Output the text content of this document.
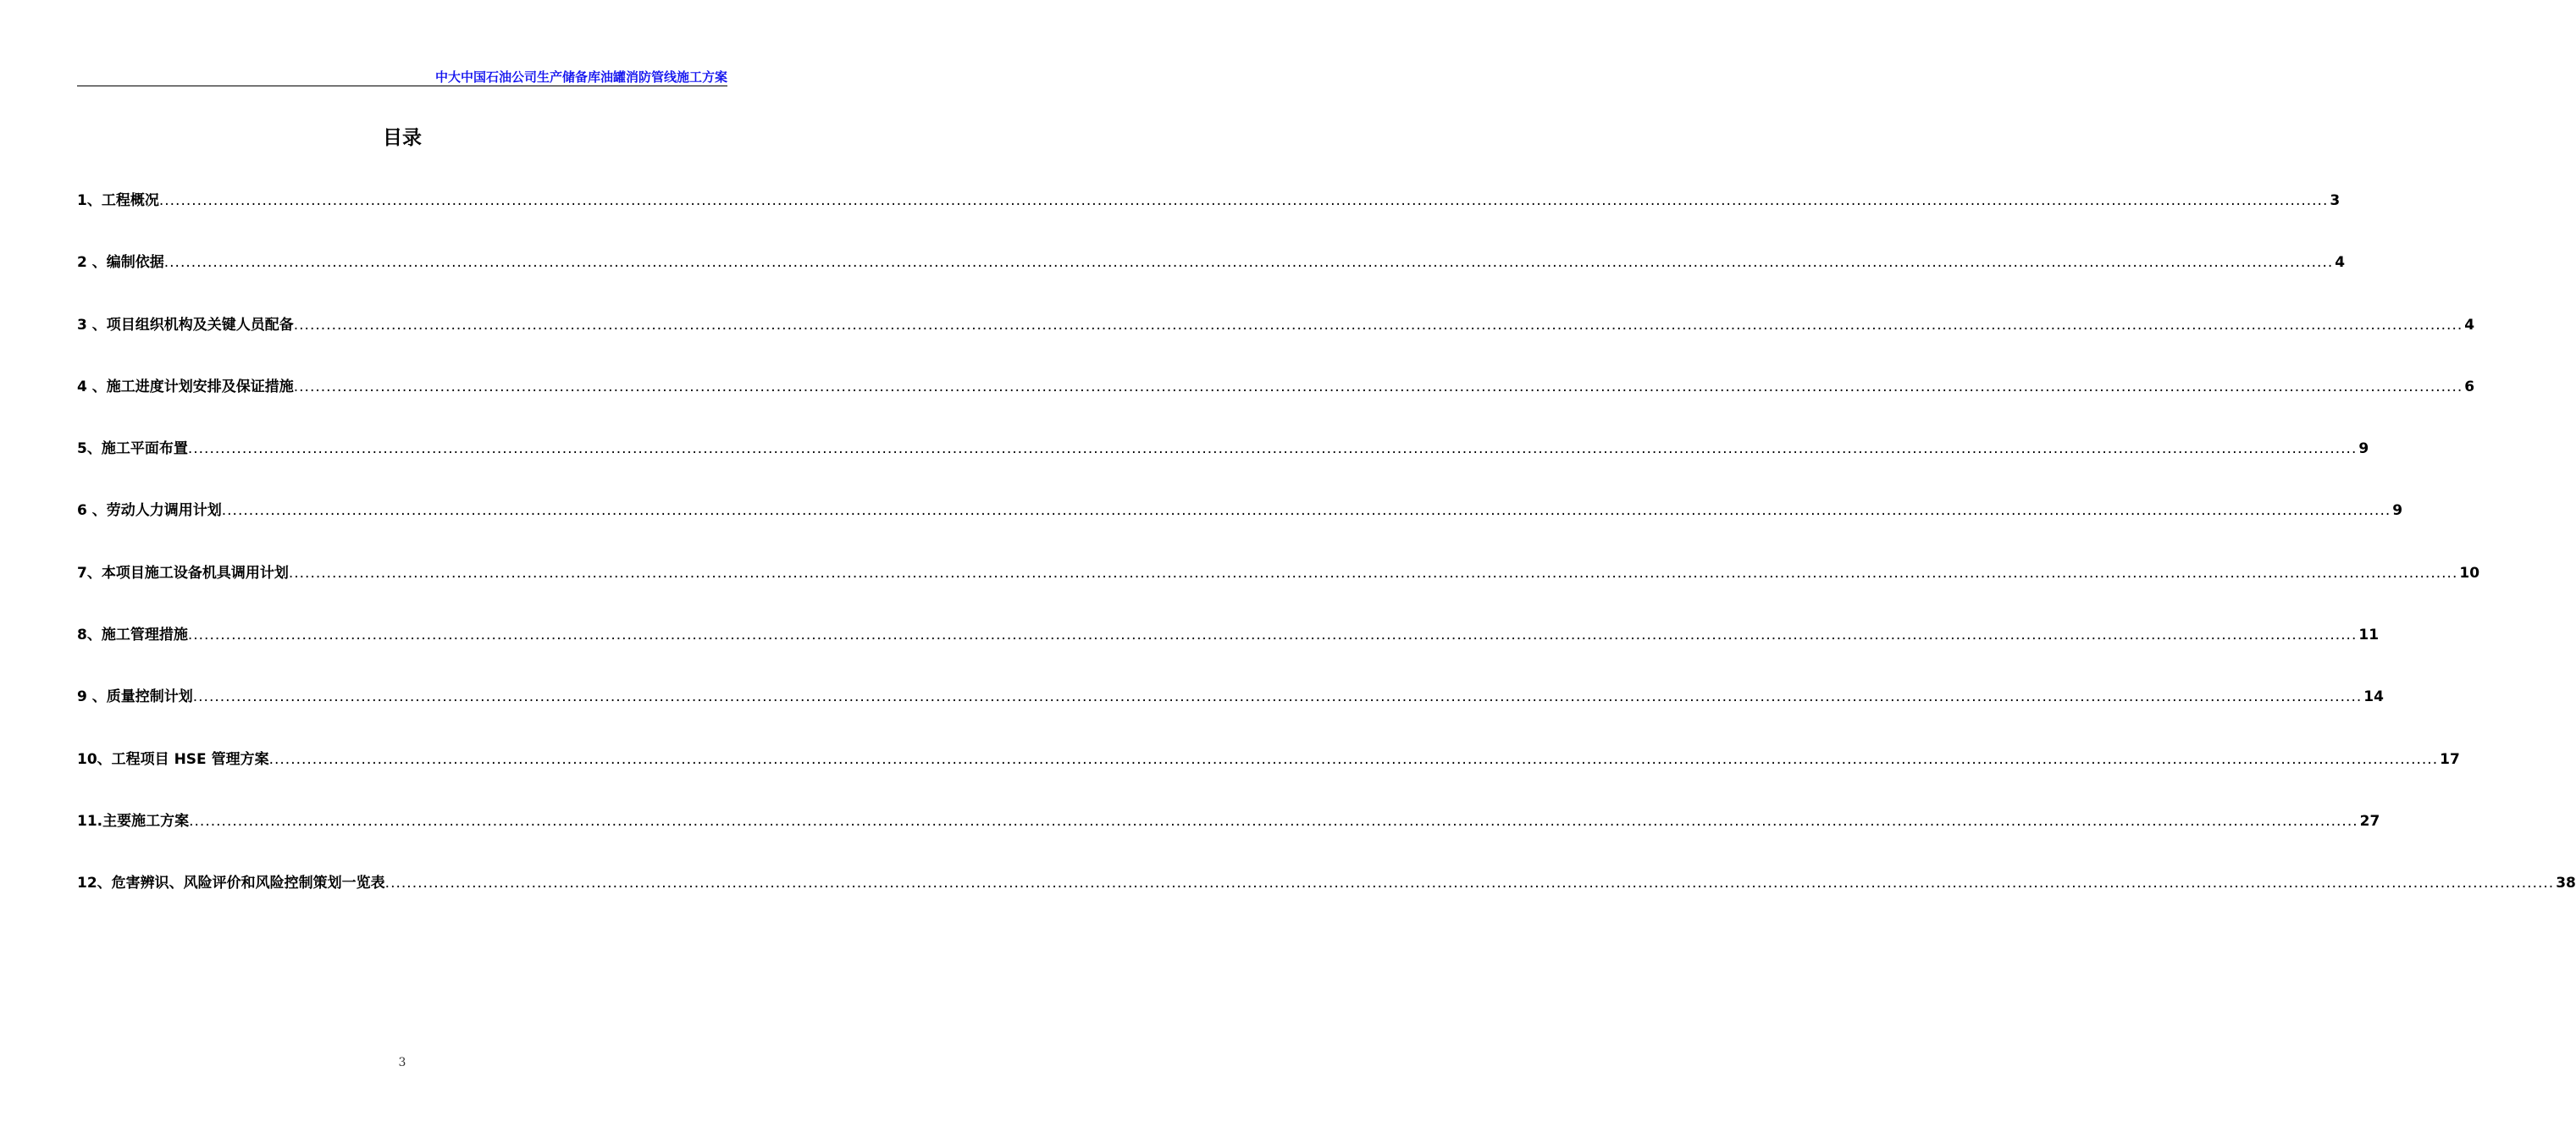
中大中国石油公司生产储备库油罐消防管线施工方案
目录
1、工程概况 ................................................................................................................................................................................................................................................................................................................................................................................................................ 3
2 、编制依据 ................................................................................................................................................................................................................................................................................................................................................................................................................ 4
3 、项目组织机构及关键人员配备 ................................................................................................................................................................................................................................................................................................................................................................................................................ 4
4 、施工进度计划安排及保证措施 ................................................................................................................................................................................................................................................................................................................................................................................................................ 6
5、施工平面布置 ................................................................................................................................................................................................................................................................................................................................................................................................................ 9
6 、劳动人力调用计划 ................................................................................................................................................................................................................................................................................................................................................................................................................ 9
7、本项目施工设备机具调用计划 ................................................................................................................................................................................................................................................................................................................................................................................................................ 10
8、施工管理措施 ................................................................................................................................................................................................................................................................................................................................................................................................................ 11
9 、质量控制计划 ................................................................................................................................................................................................................................................................................................................................................................................................................ 14
10、工程项目 HSE 管理方案 ................................................................................................................................................................................................................................................................................................................................................................................................................ 17
11.主要施工方案 ................................................................................................................................................................................................................................................................................................................................................................................................................ 27
12、危害辨识、风险评价和风险控制策划一览表 ................................................................................................................................................................................................................................................................................................................................................................................................................ 38
3
